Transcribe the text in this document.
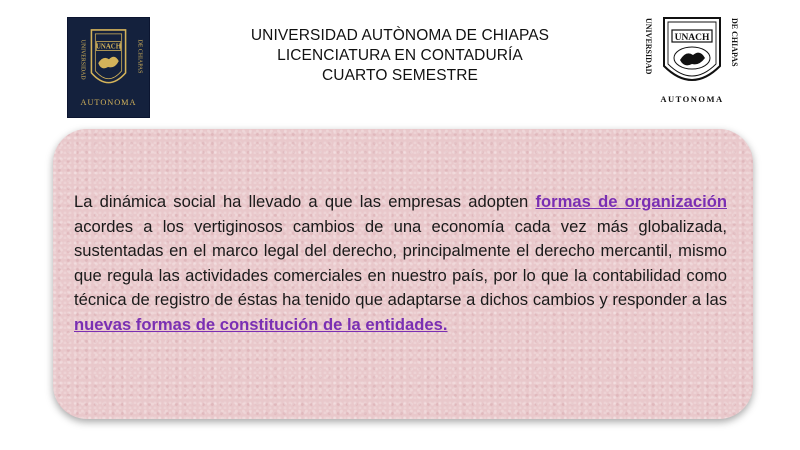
UNIVERSIDAD	DE CHIAPAS
UNACH
AUTONOMA
UNIVERSIDAD AUTÒNOMA DE CHIAPAS
LICENCIATURA EN CONTADURÍA
CUARTO SEMESTRE
UNIVERSIDAD	DE CHIAPAS
UNACH
AUTONOMA
La dinámica social ha llevado a que las empresas adopten formas de organización acordes a los vertiginosos cambios de una economía cada vez más globalizada, sustentadas en el marco legal del derecho, principalmente el derecho mercantil, mismo que regula las actividades comerciales en nuestro país, por lo que la contabilidad como técnica de registro de éstas ha tenido que adaptarse a dichos cambios y responder a las nuevas formas de constitución de la entidades.
